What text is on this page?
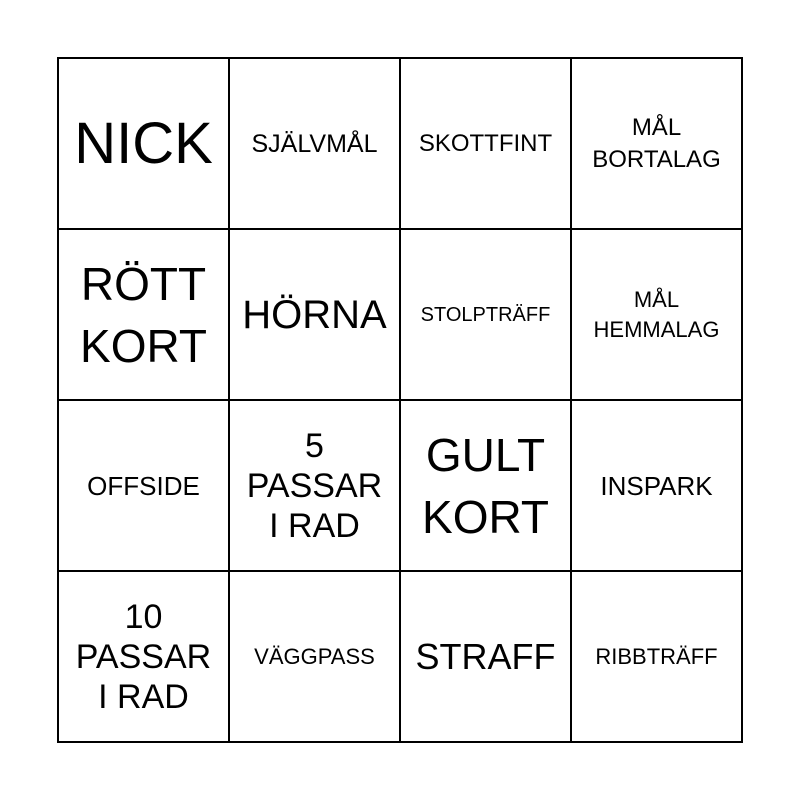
NICK SJÄLVMÅL SKOTTFINT
MÅL
BORTALAG
RÖTT
KORT
HÖRNA STOLPTRÄFF
MÅL
HEMMALAG
OFFSIDE
5
PASSAR
I RAD
GULT
KORT
INSPARK
10
PASSAR
I RAD
VÄGGPASS STRAFF RIBBTRÄFF
